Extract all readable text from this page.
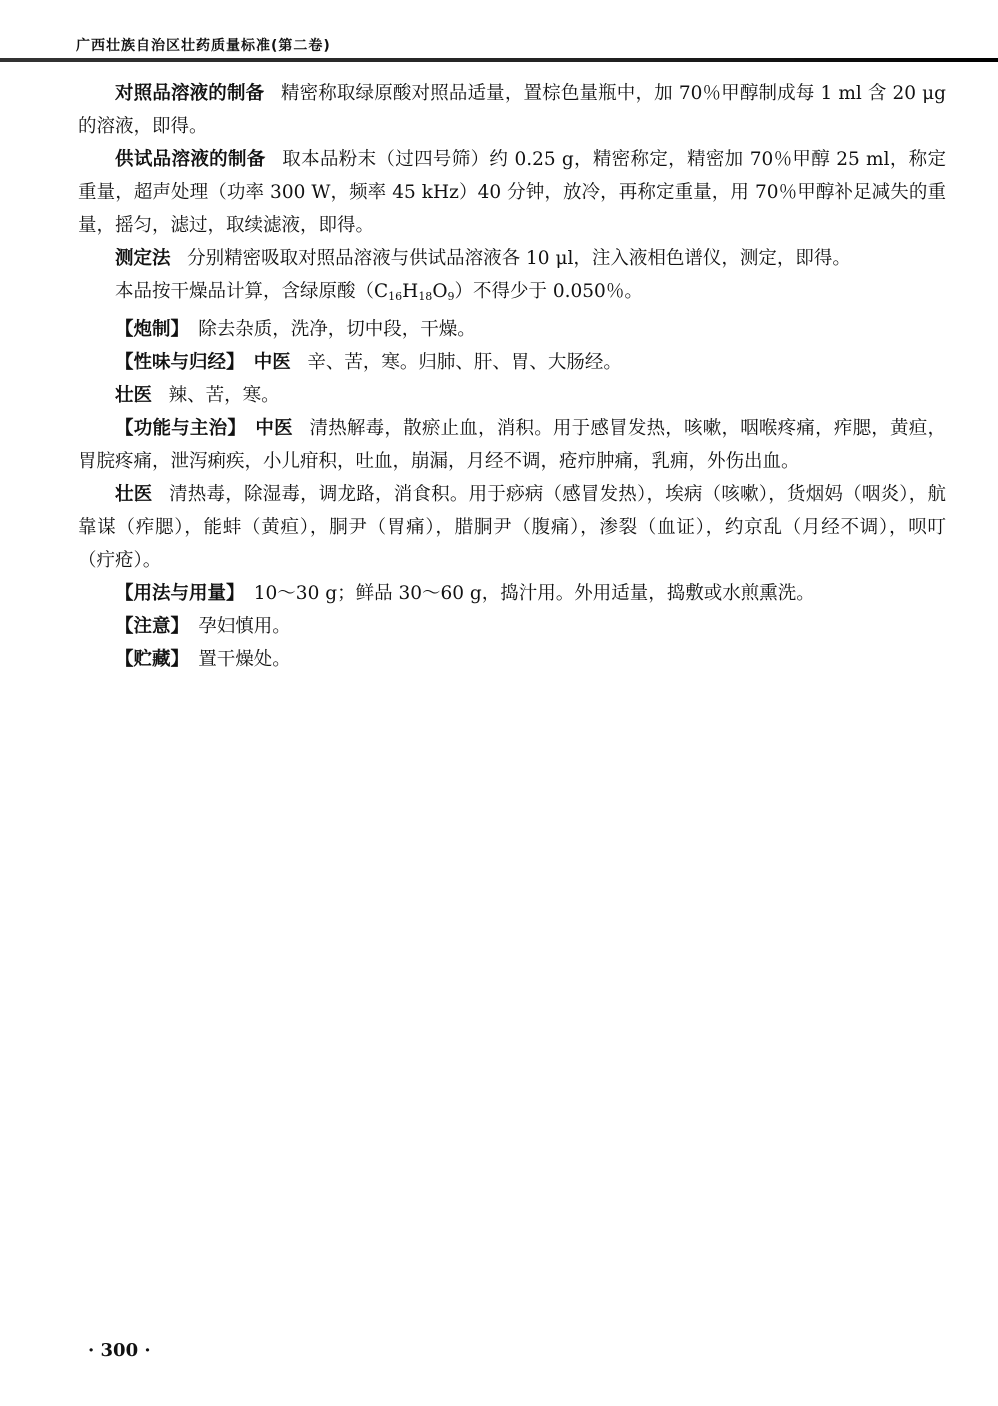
广西壮族自治区壮药质量标准(第二卷)

对照品溶液的制备 精密称取绿原酸对照品适量，置棕色量瓶中，加 70％甲醇制成每 1 ml 含 20 μg 的溶液，即得。

供试品溶液的制备 取本品粉末（过四号筛）约 0.25 g，精密称定，精密加 70％甲醇 25 ml，称定重量，超声处理（功率 300 W，频率 45 kHz）40 分钟，放冷，再称定重量，用 70％甲醇补足减失的重量，摇匀，滤过，取续滤液，即得。

测定法 分别精密吸取对照品溶液与供试品溶液各 10 μl，注入液相色谱仪，测定，即得。

本品按干燥品计算，含绿原酸$(C_{16}H_{18}O_9)$不得少于 0.050％。

【炮制】 除去杂质，洗净，切中段，干燥。

【性味与归经】 中医 辛、苦，寒。归肺、肝、胃、大肠经。

壮医 辣、苦，寒。

【功能与主治】 中医 清热解毒，散瘀止血，消积。用于感冒发热，咳嗽，咽喉疼痛，痄腮，黄疸，胃脘疼痛，泄泻痢疾，小儿疳积，吐血，崩漏，月经不调，疮疖肿痛，乳痈，外伤出血。

壮医 清热毒，除湿毒，调龙路，消食积。用于痧病（感冒发热），埃病（咳嗽），货烟妈（咽炎），航靠谋（痄腮），能蚌（黄疸），胴尹（胃痛），腊胴尹（腹痛），渗裂（血证），约京乱（月经不调），呗叮（疔疮）。

【用法与用量】 10～30 g；鲜品 30～60 g，捣汁用。外用适量，捣敷或水煎熏洗。

【注意】 孕妇慎用。

【贮藏】 置干燥处。

· 300 ·
